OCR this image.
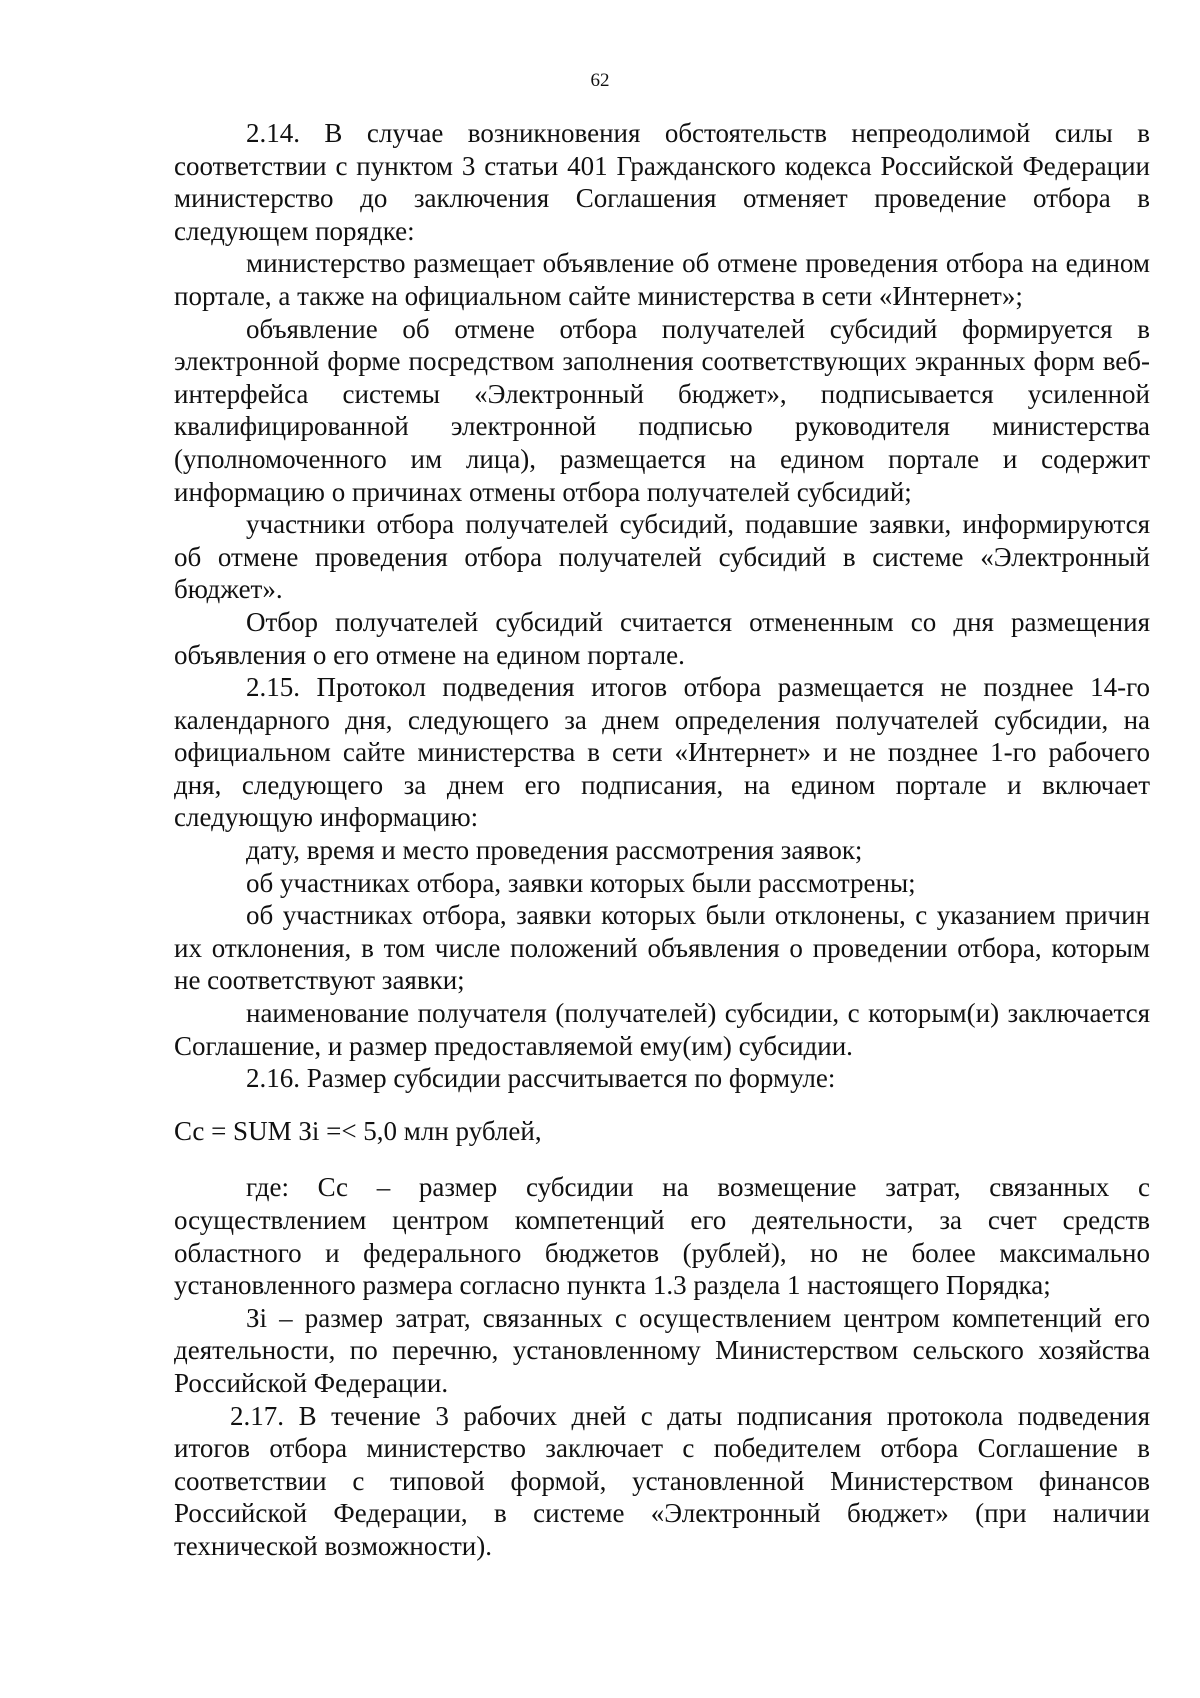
62

2.14. В случае возникновения обстоятельств непреодолимой силы в соответствии с пунктом 3 статьи 401 Гражданского кодекса Российской Федерации министерство до заключения Соглашения отменяет проведение отбора в следующем порядке:

министерство размещает объявление об отмене проведения отбора на едином портале, а также на официальном сайте министерства в сети «Интернет»;

объявление об отмене отбора получателей субсидий формируется в электронной форме посредством заполнения соответствующих экранных форм веб-интерфейса системы «Электронный бюджет», подписывается усиленной квалифицированной электронной подписью руководителя министерства (уполномоченного им лица), размещается на едином портале и содержит информацию о причинах отмены отбора получателей субсидий;

участники отбора получателей субсидий, подавшие заявки, информируются об отмене проведения отбора получателей субсидий в системе «Электронный бюджет».

Отбор получателей субсидий считается отмененным со дня размещения объявления о его отмене на едином портале.

2.15. Протокол подведения итогов отбора размещается не позднее 14-го календарного дня, следующего за днем определения получателей субсидии, на официальном сайте министерства в сети «Интернет» и не позднее 1-го рабочего дня, следующего за днем его подписания, на едином портале и включает следующую информацию:

дату, время и место проведения рассмотрения заявок;

об участниках отбора, заявки которых были рассмотрены;

об участниках отбора, заявки которых были отклонены, с указанием причин их отклонения, в том числе положений объявления о проведении отбора, которым не соответствуют заявки;

наименование получателя (получателей) субсидии, с которым(и) заключается Соглашение, и размер предоставляемой ему(им) субсидии.

2.16. Размер субсидии рассчитывается по формуле:

Сс = SUM Зi =< 5,0 млн рублей,

где: Сс – размер субсидии на возмещение затрат, связанных с осуществлением центром компетенций его деятельности, за счет средств областного и федерального бюджетов (рублей), но не более максимально установленного размера согласно пункта 1.3 раздела 1 настоящего Порядка;

Зi – размер затрат, связанных с осуществлением центром компетенций его деятельности, по перечню, установленному Министерством сельского хозяйства Российской Федерации.

2.17. В течение 3 рабочих дней с даты подписания протокола подведения итогов отбора министерство заключает с победителем отбора Соглашение в соответствии с типовой формой, установленной Министерством финансов Российской Федерации, в системе «Электронный бюджет» (при наличии технической возможности).
